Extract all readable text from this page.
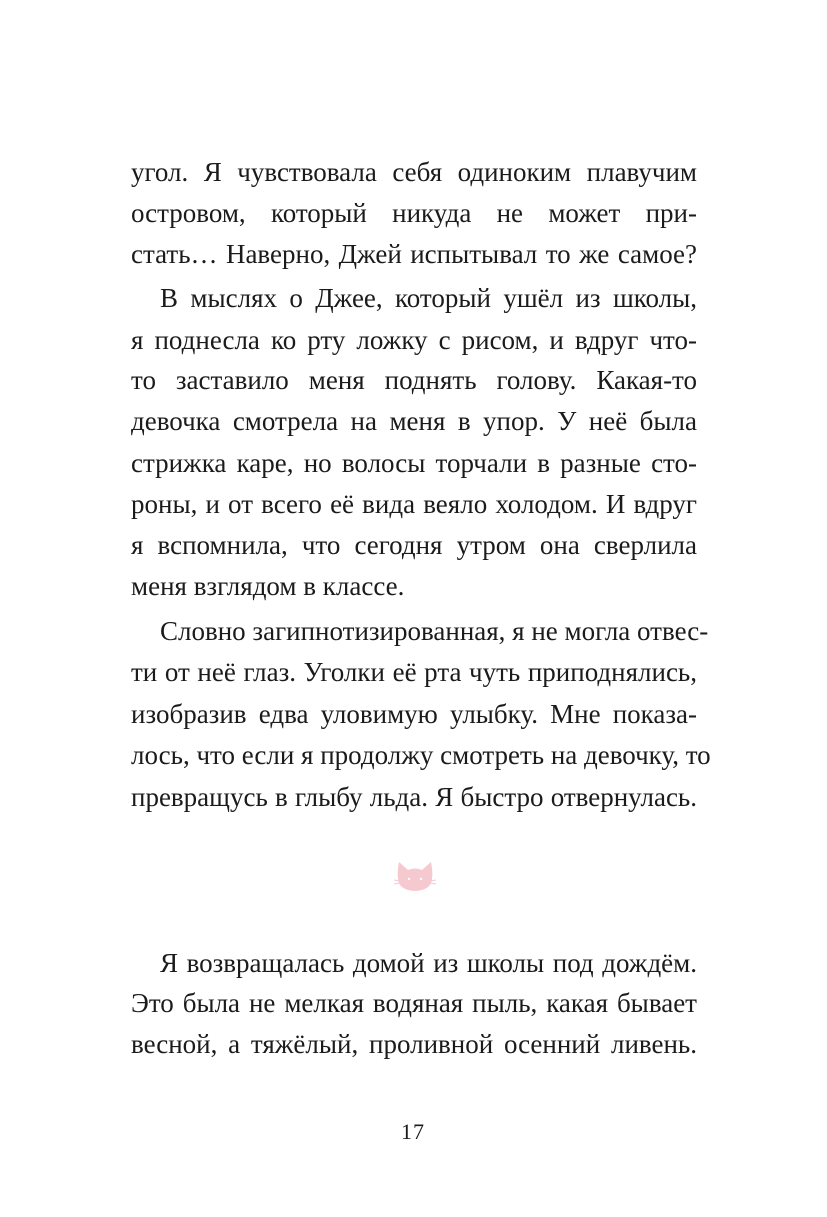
угол. Я чувствовала себя одиноким плавучим
островом, который никуда не может при-
стать… Наверно, Джей испытывал то же самое?
В мыслях о Джее, который ушёл из школы,
я поднесла ко рту ложку с рисом, и вдруг что-
то заставило меня поднять голову. Какая-то
девочка смотрела на меня в упор. У неё была
стрижка каре, но волосы торчали в разные сто-
роны, и от всего её вида веяло холодом. И вдруг
я вспомнила, что сегодня утром она сверлила
меня взглядом в классе.
Словно загипнотизированная, я не могла отвес-
ти от неё глаз. Уголки её рта чуть приподнялись,
изобразив едва уловимую улыбку. Мне показа-
лось, что если я продолжу смотреть на девочку, то
превращусь в глыбу льда. Я быстро отвернулась.
Я возвращалась домой из школы под дождём.
Это была не мелкая водяная пыль, какая бывает
весной, а тяжёлый, проливной осенний ливень.
17
